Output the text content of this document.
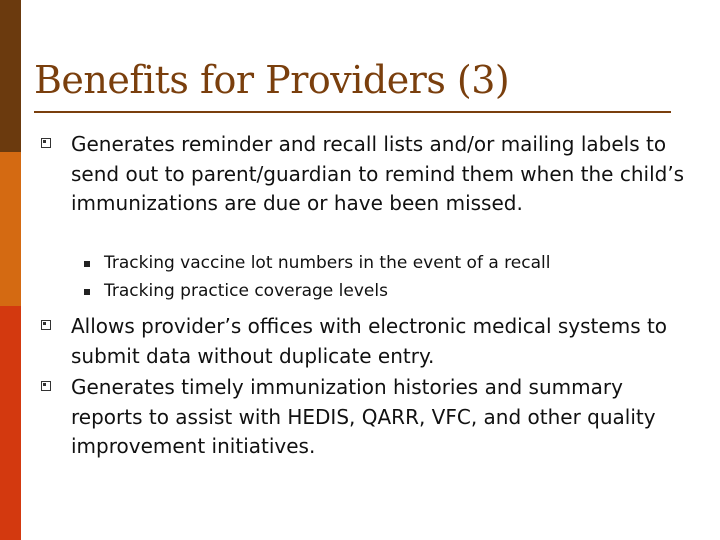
Benefits for Providers (3)
Generates reminder and recall lists and/or mailing labels to send out to parent/guardian to remind them when the child’s immunizations are due or have been missed.
Tracking vaccine lot numbers in the event of a recall
Tracking practice coverage levels
Allows provider’s offices with electronic medical systems to submit data without duplicate entry.
Generates timely immunization histories and summary reports to assist with HEDIS, QARR, VFC, and other quality improvement initiatives.
